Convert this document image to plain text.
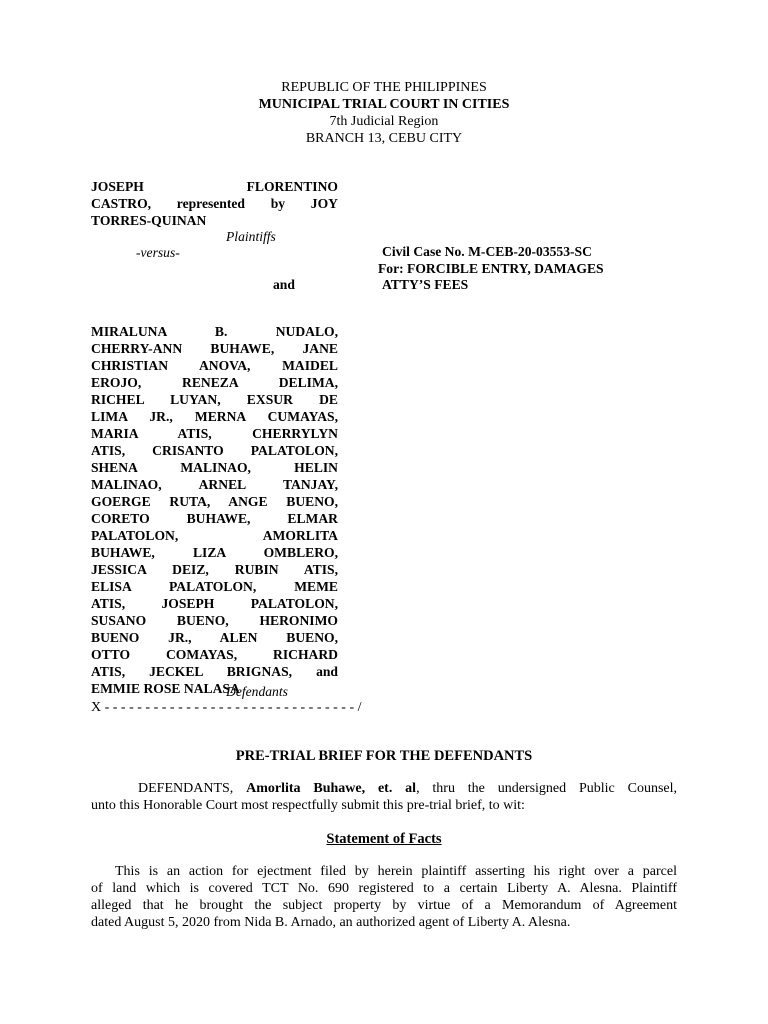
REPUBLIC OF THE PHILIPPINES
MUNICIPAL TRIAL COURT IN CITIES
7th Judicial Region
BRANCH 13, CEBU CITY
JOSEPH	FLORENTINO
CASTRO, represented by JOY
TORRES-QUINAN
Plaintiffs
-versus-
and
Civil Case No. M-CEB-20-03553-SC
For: FORCIBLE ENTRY, DAMAGES
ATTY’S FEES
MIRALUNA B. NUDALO,
CHERRY-ANN BUHAWE, JANE
CHRISTIAN ANOVA, MAIDEL
EROJO, RENEZA DELIMA,
RICHEL LUYAN, EXSUR DE
LIMA JR., MERNA CUMAYAS,
MARIA ATIS, CHERRYLYN
ATIS, CRISANTO PALATOLON,
SHENA MALINAO, HELIN
MALINAO, ARNEL TANJAY,
GOERGE RUTA, ANGE BUENO,
CORETO BUHAWE, ELMAR
PALATOLON, AMORLITA
BUHAWE, LIZA OMBLERO,
JESSICA DEIZ, RUBIN ATIS,
ELISA PALATOLON, MEME
ATIS, JOSEPH PALATOLON,
SUSANO BUENO, HERONIMO
BUENO JR., ALEN BUENO,
OTTO COMAYAS, RICHARD
ATIS, JECKEL BRIGNAS, and
EMMIE ROSE NALASA
Defendants
X - - - - - - - - - - - - - - - - - - - - - - - - - - - - - - - /
PRE-TRIAL BRIEF FOR THE DEFENDANTS
DEFENDANTS, Amorlita Buhawe, et. al, thru the undersigned Public Counsel,
unto this Honorable Court most respectfully submit this pre-trial brief, to wit:
Statement of Facts
This is an action for ejectment filed by herein plaintiff asserting his right over a parcel
of land which is covered TCT No. 690 registered to a certain Liberty A. Alesna. Plaintiff
alleged that he brought the subject property by virtue of a Memorandum of Agreement
dated August 5, 2020 from Nida B. Arnado, an authorized agent of Liberty A. Alesna.
